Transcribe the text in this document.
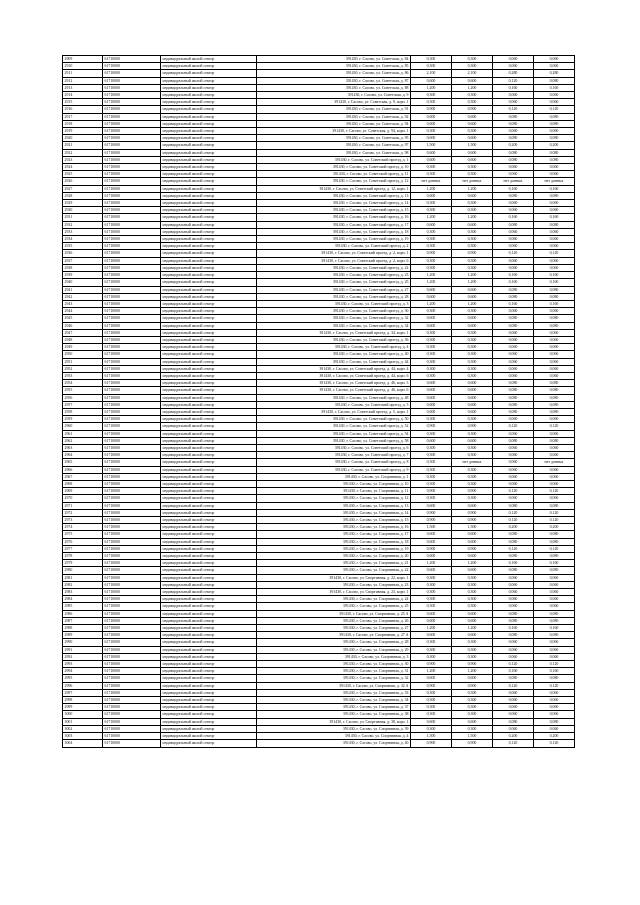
2909	61710000	индивидуальный жилой сектор	391430, г. Сасово, ул. Советская, д. 84	0,300	0,300	0,060	0,060
2910	61710000	индивидуальный жилой сектор	391430, г. Сасово, ул. Советская, д. 85	0,300	0,300	0,060	0,060
2911	61710000	индивидуальный жилой сектор	391430, г. Сасово, ул. Советская, д. 86	2,100	2,100	0,280	0,280
2912	61710000	индивидуальный жилой сектор	391430, г. Сасово, ул. Советская, д. 87	0,600	0,600	0,120	0,080
2913	61710000	индивидуальный жилой сектор	391430, г. Сасово, ул. Советская, д. 88	1,200	1,200	0,160	0,160
2914	61710000	индивидуальный жилой сектор	391430, г. Сасово, ул. Советская, д. 9	0,300	0,300	0,060	0,060
2915	61710000	индивидуальный жилой сектор	391430, г. Сасово, ул. Советская, д. 9, корп. 1	0,300	0,300	0,060	0,060
2916	61710000	индивидуальный жилой сектор	391430, г. Сасово, ул. Советская, д. 91	0,900	0,900	0,120	0,120
2917	61710000	индивидуальный жилой сектор	391430, г. Сасово, ул. Советская, д. 92	0,600	0,600	0,080	0,080
2918	61710000	индивидуальный жилой сектор	391430, г. Сасово, ул. Советская, д. 94	0,600	0,600	0,080	0,080
2919	61710000	индивидуальный жилой сектор	391430, г. Сасово, ул. Советская, д. 94, корп. 1	0,300	0,300	0,060	0,060
2920	61710000	индивидуальный жилой сектор	391430, г. Сасово, ул. Советская, д. 95	0,600	0,600	0,080	0,080
2921	61710000	индивидуальный жилой сектор	391430, г. Сасово, ул. Советская, д. 97	1,500	1,500	0,200	0,200
2922	61710000	индивидуальный жилой сектор	391430, г. Сасово, ул. Советская, д. 98	0,600	0,600	0,080	0,080
2923	61710000	индивидуальный жилой сектор	391430, г. Сасово, ул. Советский проезд, д. 1	0,600	0,600	0,080	0,080
2924	61710000	индивидуальный жилой сектор	391430, г. Сасово, ул. Советский проезд, д. 10	0,300	0,300	0,060	0,060
2925	61710000	индивидуальный жилой сектор	391430, г. Сасово, ул. Советский проезд, д. 11	0,300	0,300	0,060	0,060
2926	61710000	индивидуальный жилой сектор	391430, г. Сасово, ул. Советский проезд, д. 12	нет данных	нет данных	нет данных	нет данных
2927	61710000	индивидуальный жилой сектор	391430, г. Сасово, ул. Советский проезд, д. 12, корп. 1	1,200	1,200	0,160	0,160
2928	61710000	индивидуальный жилой сектор	391430, г. Сасово, ул. Советский проезд, д. 13	0,600	0,600	0,080	0,080
2929	61710000	индивидуальный жилой сектор	391430, г. Сасово, ул. Советский проезд, д. 14	0,300	0,300	0,060	0,060
2930	61710000	индивидуальный жилой сектор	391430, г. Сасово, ул. Советский проезд, д. 15	0,300	0,300	0,060	0,060
2931	61710000	индивидуальный жилой сектор	391430, г. Сасово, ул. Советский проезд, д. 16	1,200	1,200	0,160	0,160
2932	61710000	индивидуальный жилой сектор	391430, г. Сасово, ул. Советский проезд, д. 17	0,600	0,600	0,080	0,080
2933	61710000	индивидуальный жилой сектор	391430, г. Сасово, ул. Советский проезд, д. 18	0,300	0,300	0,060	0,060
2934	61710000	индивидуальный жилой сектор	391430, г. Сасово, ул. Советский проезд, д. 19	0,300	0,300	0,060	0,060
2935	61710000	индивидуальный жилой сектор	391430, г. Сасово, ул. Советский проезд, д. 2	0,300	0,300	0,060	0,060
2936	61710000	индивидуальный жилой сектор	391430, г. Сасово, ул. Советский проезд, д. 2, корп. 1	0,900	0,900	0,120	0,120
2937	61710000	индивидуальный жилой сектор	391430, г. Сасово, ул. Советский проезд, д. 2, корп. 6	0,300	0,300	0,060	0,060
2938	61710000	индивидуальный жилой сектор	391430, г. Сасово, ул. Советский проезд, д. 22	0,300	0,300	0,060	0,060
2939	61710000	индивидуальный жилой сектор	391430, г. Сасово, ул. Советский проезд, д. 23	1,200	1,200	0,160	0,160
2940	61710000	индивидуальный жилой сектор	391430, г. Сасово, ул. Советский проезд, д. 25	1,200	1,200	0,160	0,160
2941	61710000	индивидуальный жилой сектор	391430, г. Сасово, ул. Советский проезд, д. 27	0,600	0,600	0,080	0,080
2942	61710000	индивидуальный жилой сектор	391430, г. Сасово, ул. Советский проезд, д. 28	0,600	0,600	0,080	0,080
2943	61710000	индивидуальный жилой сектор	391430, г. Сасово, ул. Советский проезд, д. 3	1,200	1,200	0,160	0,160
2944	61710000	индивидуальный жилой сектор	391430, г. Сасово, ул. Советский проезд, д. 30	0,300	0,300	0,060	0,060
2945	61710000	индивидуальный жилой сектор	391430, г. Сасово, ул. Советский проезд, д. 32	0,600	0,600	0,080	0,080
2946	61710000	индивидуальный жилой сектор	391430, г. Сасово, ул. Советский проезд, д. 34	0,600	0,600	0,080	0,080
2947	61710000	индивидуальный жилой сектор	391430, г. Сасово, ул. Советский проезд, д. 34, корп. 1	0,300	0,300	0,060	0,060
2948	61710000	индивидуальный жилой сектор	391430, г. Сасово, ул. Советский проезд, д. 36	0,300	0,300	0,060	0,060
2949	61710000	индивидуальный жилой сектор	391430, г. Сасово, ул. Советский проезд, д. 4	0,300	0,300	0,060	0,060
2950	61710000	индивидуальный жилой сектор	391430, г. Сасово, ул. Советский проезд, д. 40	0,300	0,300	0,060	0,060
2951	61710000	индивидуальный жилой сектор	391430, г. Сасово, ул. Советский проезд, д. 44	0,300	0,300	0,060	0,060
2952	61710000	индивидуальный жилой сектор	391430, г. Сасово, ул. Советский проезд, д. 44, корп. 4	0,300	0,300	0,060	0,060
2953	61710000	индивидуальный жилой сектор	391430, г. Сасово, ул. Советский проезд, д. 44, корп. 6	0,300	0,300	0,060	0,060
2954	61710000	индивидуальный жилой сектор	391430, г. Сасово, ул. Советский проезд, д. 46, корп. 3	0,600	0,600	0,080	0,080
2955	61710000	индивидуальный жилой сектор	391430, г. Сасово, ул. Советский проезд, д. 46, корп. 6	0,600	0,600	0,080	0,080
2956	61710000	индивидуальный жилой сектор	391430, г. Сасово, ул. Советский проезд, д. 48	0,600	0,600	0,080	0,080
2957	61710000	индивидуальный жилой сектор	391430, г. Сасово, ул. Советский проезд, д. 5	0,600	0,600	0,080	0,080
2958	61710000	индивидуальный жилой сектор	391430, г. Сасово, ул. Советский проезд, д. 5, корп. 1	0,600	0,600	0,080	0,080
2959	61710000	индивидуальный жилой сектор	391430, г. Сасово, ул. Советский проезд, д. 50	0,300	0,300	0,060	0,060
2960	61710000	индивидуальный жилой сектор	391430, г. Сасово, ул. Советский проезд, д. 52	0,900	0,900	0,120	0,120
2961	61710000	индивидуальный жилой сектор	391430, г. Сасово, ул. Советский проезд, д. 54	0,300	0,300	0,060	0,060
2962	61710000	индивидуальный жилой сектор	391430, г. Сасово, ул. Советский проезд, д. 58	0,600	0,600	0,080	0,080
2963	61710000	индивидуальный жилой сектор	391430, г. Сасово, ул. Советский проезд, д. 6	0,300	0,300	0,060	0,060
2964	61710000	индивидуальный жилой сектор	391430, г. Сасово, ул. Советский проезд, д. 7	0,300	0,300	0,060	0,060
2965	61710000	индивидуальный жилой сектор	391430, г. Сасово, ул. Советский проезд, д. 8	0,300	нет данных	0,060	нет данных
2966	61710000	индивидуальный жилой сектор	391430, г. Сасово, ул. Советский проезд, д. 9	0,300	0,300	0,060	0,060
2967	61710000	индивидуальный жилой сектор	391430, г. Сасово, ул. Спортивная, д. 1	0,300	0,300	0,060	0,060
2968	61710000	индивидуальный жилой сектор	391430, г. Сасово, ул. Спортивная, д. 10	0,300	0,300	0,060	0,060
2969	61710000	индивидуальный жилой сектор	391430, г. Сасово, ул. Спортивная, д. 11	0,900	0,900	0,120	0,120
2970	61710000	индивидуальный жилой сектор	391430, г. Сасово, ул. Спортивная, д. 12	0,300	0,300	0,060	0,060
2971	61710000	индивидуальный жилой сектор	391430, г. Сасово, ул. Спортивная, д. 13	0,600	0,600	0,080	0,080
2972	61710000	индивидуальный жилой сектор	391430, г. Сасово, ул. Спортивная, д. 14	0,900	0,900	0,120	0,120
2973	61710000	индивидуальный жилой сектор	391430, г. Сасово, ул. Спортивная, д. 15	0,900	0,900	0,120	0,120
2974	61710000	индивидуальный жилой сектор	391430, г. Сасово, ул. Спортивная, д. 16	1,500	1,500	0,200	0,200
2975	61710000	индивидуальный жилой сектор	391430, г. Сасово, ул. Спортивная, д. 17	0,600	0,600	0,080	0,080
2976	61710000	индивидуальный жилой сектор	391430, г. Сасово, ул. Спортивная, д. 18	0,600	0,600	0,080	0,080
2977	61710000	индивидуальный жилой сектор	391430, г. Сасово, ул. Спортивная, д. 19	0,900	0,900	0,120	0,120
2978	61710000	индивидуальный жилой сектор	391430, г. Сасово, ул. Спортивная, д. 20	0,600	0,600	0,080	0,080
2979	61710000	индивидуальный жилой сектор	391430, г. Сасово, ул. Спортивная, д. 21	1,200	1,200	0,160	0,160
2980	61710000	индивидуальный жилой сектор	391430, г. Сасово, ул. Спортивная, д. 22	0,600	0,600	0,080	0,080
2981	61710000	индивидуальный жилой сектор	391430, г. Сасово, ул. Спортивная, д. 22, корп. 1	0,300	0,300	0,060	0,060
2982	61710000	индивидуальный жилой сектор	391430, г. Сасово, ул. Спортивная, д. 23	0,300	0,300	0,060	0,060
2983	61710000	индивидуальный жилой сектор	391430, г. Сасово, ул. Спортивная, д. 23, корп. 1	0,300	0,300	0,060	0,060
2984	61710000	индивидуальный жилой сектор	391430, г. Сасово, ул. Спортивная, д. 24	0,300	0,300	0,060	0,060
2985	61710000	индивидуальный жилой сектор	391430, г. Сасово, ул. Спортивная, д. 25	0,300	0,300	0,060	0,060
2986	61710000	индивидуальный жилой сектор	391430, г. Сасово, ул. Спортивная, д. 25 А	0,600	0,600	0,080	0,080
2987	61710000	индивидуальный жилой сектор	391430, г. Сасово, ул. Спортивная, д. 26	0,600	0,600	0,080	0,080
2988	61710000	индивидуальный жилой сектор	391430, г. Сасово, ул. Спортивная, д. 27	1,200	1,200	0,160	0,160
2989	61710000	индивидуальный жилой сектор	391430, г. Сасово, ул. Спортивная, д. 27 А	0,600	0,600	0,080	0,080
2990	61710000	индивидуальный жилой сектор	391430, г. Сасово, ул. Спортивная, д. 28	0,300	0,300	0,060	0,060
2991	61710000	индивидуальный жилой сектор	391430, г. Сасово, ул. Спортивная, д. 29	0,300	0,300	0,060	0,060
2992	61710000	индивидуальный жилой сектор	391430, г. Сасово, ул. Спортивная, д. 3	0,300	0,300	0,060	0,060
2993	61710000	индивидуальный жилой сектор	391430, г. Сасово, ул. Спортивная, д. 30	0,900	0,900	0,120	0,120
2994	61710000	индивидуальный жилой сектор	391430, г. Сасово, ул. Спортивная, д. 31	1,200	1,200	0,160	0,160
2995	61710000	индивидуальный жилой сектор	391430, г. Сасово, ул. Спортивная, д. 32	0,600	0,600	0,080	0,080
2996	61710000	индивидуальный жилой сектор	391430, г. Сасово, ул. Спортивная, д. 32 А	0,900	0,900	0,120	0,120
2997	61710000	индивидуальный жилой сектор	391430, г. Сасово, ул. Спортивная, д. 33	0,300	0,300	0,060	0,060
2998	61710000	индивидуальный жилой сектор	391430, г. Сасово, ул. Спортивная, д. 34	0,300	0,300	0,060	0,060
2999	61710000	индивидуальный жилой сектор	391430, г. Сасово, ул. Спортивная, д. 37	0,300	0,300	0,060	0,060
3000	61710000	индивидуальный жилой сектор	391430, г. Сасово, ул. Спортивная, д. 38	0,300	0,300	0,060	0,060
3001	61710000	индивидуальный жилой сектор	391430, г. Сасово, ул. Спортивная, д. 38, корп. 1	0,600	0,600	0,080	0,080
3002	61710000	индивидуальный жилой сектор	391430, г. Сасово, ул. Спортивная, д. 39	0,300	0,300	0,060	0,060
3003	61710000	индивидуальный жилой сектор	391430, г. Сасово, ул. Спортивная, д. 4	1,500	1,500	0,200	0,200
3004	61710000	индивидуальный жилой сектор	391430, г. Сасово, ул. Спортивная, д. 40	0,900	0,900	0,120	0,120
